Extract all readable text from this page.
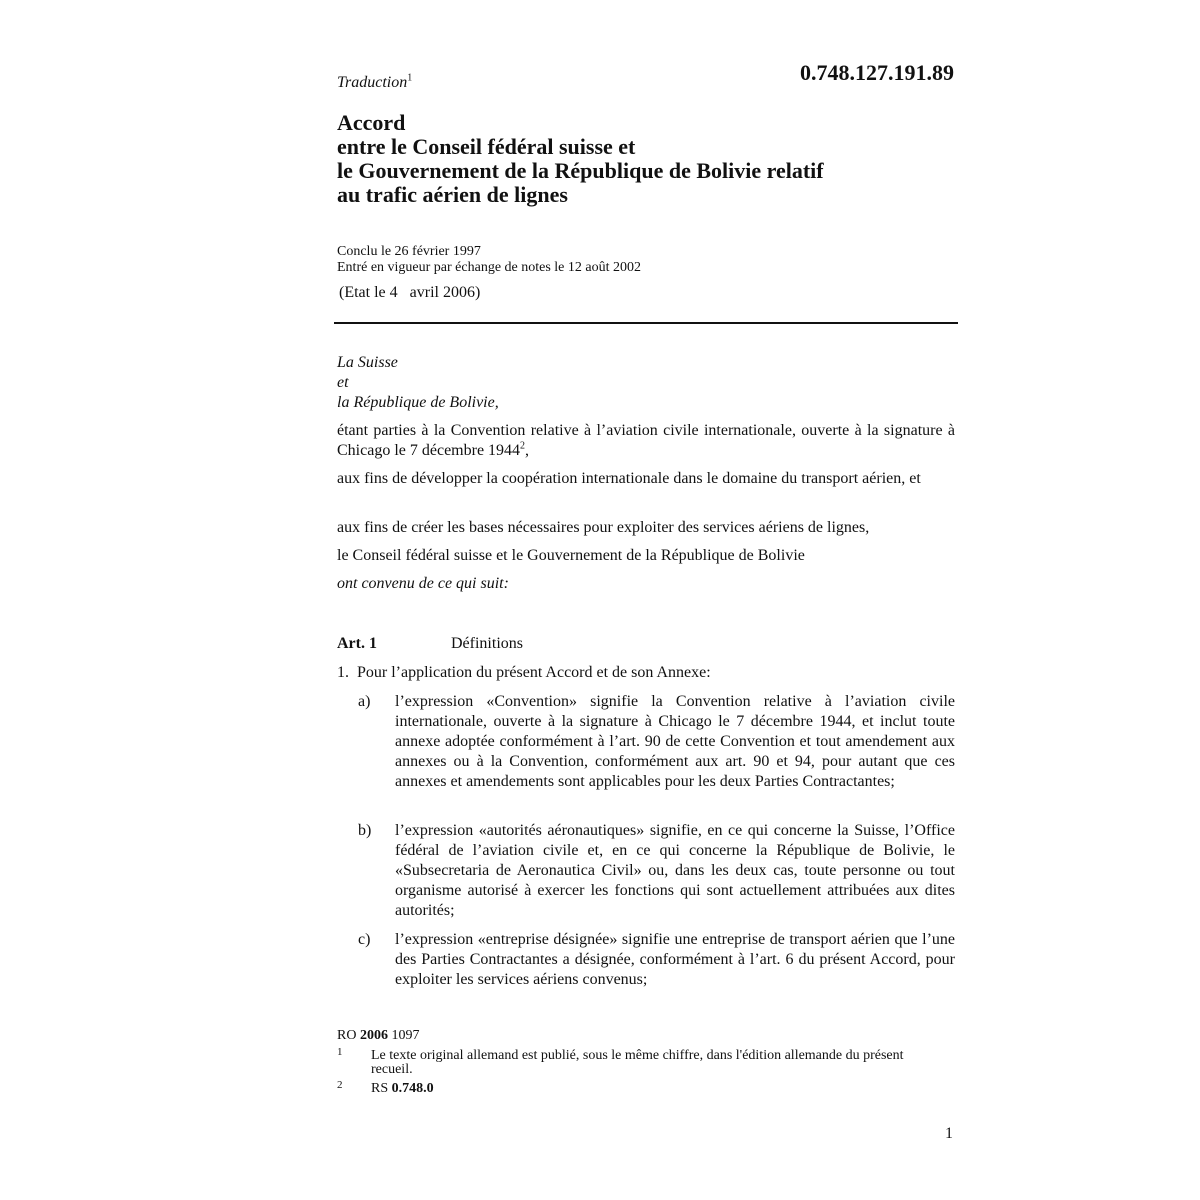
0.748.127.191.89
Traduction$^1$
Accord
entre le Conseil fédéral suisse et
le Gouvernement de la République de Bolivie relatif
au trafic aérien de lignes
Conclu le 26 février 1997
Entré en vigueur par échange de notes le 12 août 2002
(Etat le 4   avril 2006)
La Suisse
et
la République de Bolivie,

étant parties à la Convention relative à l’aviation civile internationale, ouverte à la signature à Chicago le 7 décembre 1944$^2$,

aux fins de développer la coopération internationale dans le domaine du transport aérien, et

aux fins de créer les bases nécessaires pour exploiter des services aériens de lignes,

le Conseil fédéral suisse et le Gouvernement de la République de Bolivie

ont convenu de ce qui suit:
Art. 1	Définitions
1.  Pour l’application du présent Accord et de son Annexe:
a) l’expression «Convention» signifie la Convention relative à l’aviation civile internationale, ouverte à la signature à Chicago le 7 décembre 1944, et inclut toute annexe adoptée conformément à l’art. 90 de cette Convention et tout amendement aux annexes ou à la Convention, conformément aux art. 90 et 94, pour autant que ces annexes et amendements sont applicables pour les deux Parties Contractantes;
b) l’expression «autorités aéronautiques» signifie, en ce qui concerne la Suisse, l’Office fédéral de l’aviation civile et, en ce qui concerne la République de Bolivie, le «Subsecretaria de Aeronautica Civil» ou, dans les deux cas, toute personne ou tout organisme autorisé à exercer les fonctions qui sont actuellement attribuées aux dites autorités;
c) l’expression «entreprise désignée» signifie une entreprise de transport aérien que l’une des Parties Contractantes a désignée, conformément à l’art. 6 du présent Accord, pour exploiter les services aériens convenus;
RO 2006 1097
1 Le texte original allemand est publié, sous le même chiffre, dans l'édition allemande du présent recueil.
2 RS 0.748.0
1
